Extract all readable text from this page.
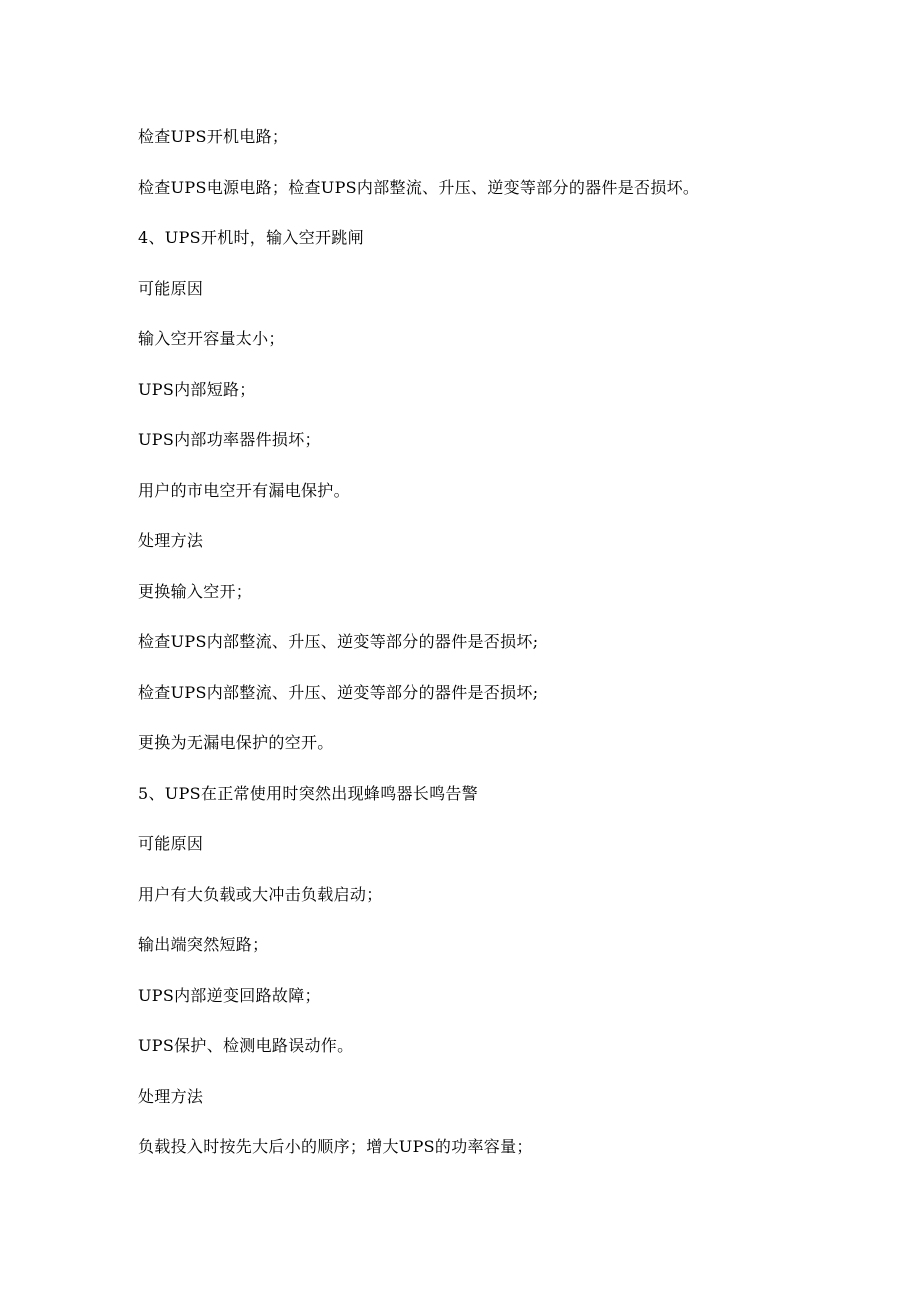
检查UPS开机电路；
检查UPS电源电路；检查UPS内部整流、升压、逆变等部分的器件是否损坏。
4、UPS开机时，输入空开跳闸
可能原因
输入空开容量太小；
UPS内部短路；
UPS内部功率器件损坏；
用户的市电空开有漏电保护。
处理方法
更换输入空开；
检查UPS内部整流、升压、逆变等部分的器件是否损坏;
检查UPS内部整流、升压、逆变等部分的器件是否损坏;
更换为无漏电保护的空开。
5、UPS在正常使用时突然出现蜂鸣器长鸣告警
可能原因
用户有大负载或大冲击负载启动；
输出端突然短路；
UPS内部逆变回路故障；
UPS保护、检测电路误动作。
处理方法
负载投入时按先大后小的顺序；增大UPS的功率容量；
